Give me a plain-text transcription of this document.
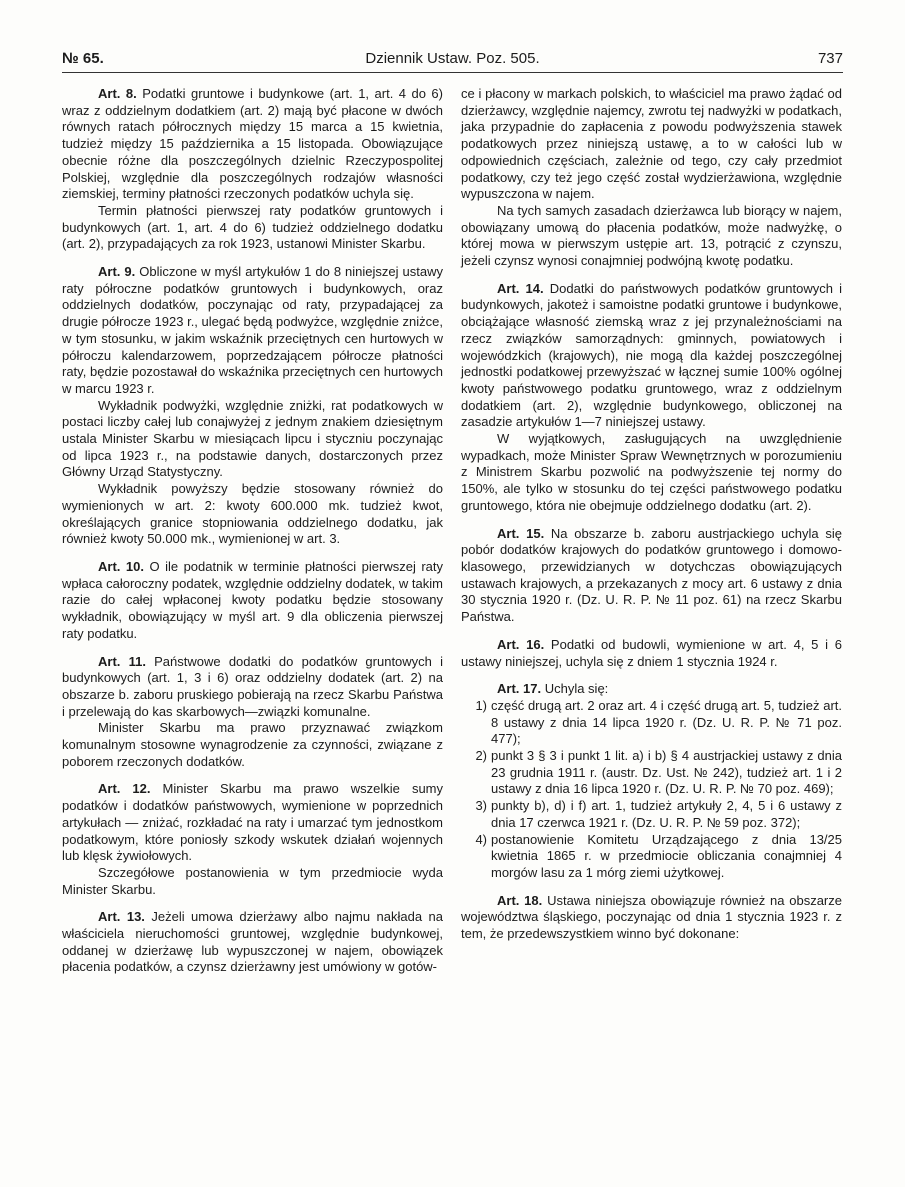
№ 65.	Dziennik Ustaw. Poz. 505.	737

Art. 8. Podatki gruntowe i budynkowe (art. 1, art. 4 do 6) wraz z oddzielnym dodatkiem (art. 2) mają być płacone w dwóch równych ratach półrocznych między 15 marca a 15 kwietnia, tudzież między 15 października a 15 listopada. Obowiązujące obecnie różne dla poszczególnych dzielnic Rzeczypospolitej Polskiej, względnie dla poszczególnych rodzajów własności ziemskiej, terminy płatności rzeczonych podatków uchyla się.

Termin płatności pierwszej raty podatków gruntowych i budynkowych (art. 1, art. 4 do 6) tudzież oddzielnego dodatku (art. 2), przypadających za rok 1923, ustanowi Minister Skarbu.

Art. 9. Obliczone w myśl artykułów 1 do 8 niniejszej ustawy raty półroczne podatków gruntowych i budynkowych, oraz oddzielnych dodatków, poczynając od raty, przypadającej za drugie półrocze 1923 r., ulegać będą podwyżce, względnie zniżce, w tym stosunku, w jakim wskaźnik przeciętnych cen hurtowych w półroczu kalendarzowem, poprzedzającem półrocze płatności raty, będzie pozostawał do wskaźnika przeciętnych cen hurtowych w marcu 1923 r.

Wykładnik podwyżki, względnie zniżki, rat podatkowych w postaci liczby całej lub conajwyżej z jednym znakiem dziesiętnym ustala Minister Skarbu w miesiącach lipcu i styczniu poczynając od lipca 1923 r., na podstawie danych, dostarczonych przez Główny Urząd Statystyczny.

Wykładnik powyższy będzie stosowany również do wymienionych w art. 2: kwoty 600.000 mk. tudzież kwot, określających granice stopniowania oddzielnego dodatku, jak również kwoty 50.000 mk., wymienionej w art. 3.

Art. 10. O ile podatnik w terminie płatności pierwszej raty wpłaca całoroczny podatek, względnie oddzielny dodatek, w takim razie do całej wpłaconej kwoty podatku będzie stosowany wykładnik, obowiązujący w myśl art. 9 dla obliczenia pierwszej raty podatku.

Art. 11. Państwowe dodatki do podatków gruntowych i budynkowych (art. 1, 3 i 6) oraz oddzielny dodatek (art. 2) na obszarze b. zaboru pruskiego pobierają na rzecz Skarbu Państwa i przelewają do kas skarbowych—związki komunalne.

Minister Skarbu ma prawo przyznawać związkom komunalnym stosowne wynagrodzenie za czynności, związane z poborem rzeczonych dodatków.

Art. 12. Minister Skarbu ma prawo wszelkie sumy podatków i dodatków państwowych, wymienione w poprzednich artykułach — zniżać, rozkładać na raty i umarzać tym jednostkom podatkowym, które poniosły szkody wskutek działań wojennych lub klęsk żywiołowych.

Szczegółowe postanowienia w tym przedmiocie wyda Minister Skarbu.

Art. 13. Jeżeli umowa dzierżawy albo najmu nakłada na właściciela nieruchomości gruntowej, względnie budynkowej, oddanej w dzierżawę lub wypuszczonej w najem, obowiązek płacenia podatków, a czynsz dzierżawny jest umówiony w gotów-

ce i płacony w markach polskich, to właściciel ma prawo żądać od dzierżawcy, względnie najemcy, zwrotu tej nadwyżki w podatkach, jaka przypadnie do zapłacenia z powodu podwyższenia stawek podatkowych przez niniejszą ustawę, a to w całości lub w odpowiednich częściach, zależnie od tego, czy cały przedmiot podatkowy, czy też jego część został wydzierżawiona, względnie wypuszczona w najem.

Na tych samych zasadach dzierżawca lub biorący w najem, obowiązany umową do płacenia podatków, może nadwyżkę, o której mowa w pierwszym ustępie art. 13, potrącić z czynszu, jeżeli czynsz wynosi conajmniej podwójną kwotę podatku.

Art. 14. Dodatki do państwowych podatków gruntowych i budynkowych, jakoteż i samoistne podatki gruntowe i budynkowe, obciążające własność ziemską wraz z jej przynależnościami na rzecz związków samorządnych: gminnych, powiatowych i wojewódzkich (krajowych), nie mogą dla każdej poszczególnej jednostki podatkowej przewyższać w łącznej sumie 100% ogólnej kwoty państwowego podatku gruntowego, wraz z oddzielnym dodatkiem (art. 2), względnie budynkowego, obliczonej na zasadzie artykułów 1—7 niniejszej ustawy.

W wyjątkowych, zasługujących na uwzględnienie wypadkach, może Minister Spraw Wewnętrznych w porozumieniu z Ministrem Skarbu pozwolić na podwyższenie tej normy do 150%, ale tylko w stosunku do tej części państwowego podatku gruntowego, która nie obejmuje oddzielnego dodatku (art. 2).

Art. 15. Na obszarze b. zaboru austrjackiego uchyla się pobór dodatków krajowych do podatków gruntowego i domowo-klasowego, przewidzianych w dotychczas obowiązujących ustawach krajowych, a przekazanych z mocy art. 6 ustawy z dnia 30 stycznia 1920 r. (Dz. U. R. P. № 11 poz. 61) na rzecz Skarbu Państwa.

Art. 16. Podatki od budowli, wymienione w art. 4, 5 i 6 ustawy niniejszej, uchyla się z dniem 1 stycznia 1924 r.

Art. 17. Uchyla się:

1) część drugą art. 2 oraz art. 4 i część drugą art. 5, tudzież art. 8 ustawy z dnia 14 lipca 1920 r. (Dz. U. R. P. № 71 poz. 477);
2) punkt 3 § 3 i punkt 1 lit. a) i b) § 4 austrjackiej ustawy z dnia 23 grudnia 1911 r. (austr. Dz. Ust. № 242), tudzież art. 1 i 2 ustawy z dnia 16 lipca 1920 r. (Dz. U. R. P. № 70 poz. 469);
3) punkty b), d) i f) art. 1, tudzież artykuły 2, 4, 5 i 6 ustawy z dnia 17 czerwca 1921 r. (Dz. U. R. P. № 59 poz. 372);
4) postanowienie Komitetu Urządzającego z dnia 13/25 kwietnia 1865 r. w przedmiocie obliczania conajmniej 4 morgów lasu za 1 mórg ziemi użytkowej.

Art. 18. Ustawa niniejsza obowiązuje również na obszarze województwa śląskiego, poczynając od dnia 1 stycznia 1923 r. z tem, że przedewszystkiem winno być dokonane:
